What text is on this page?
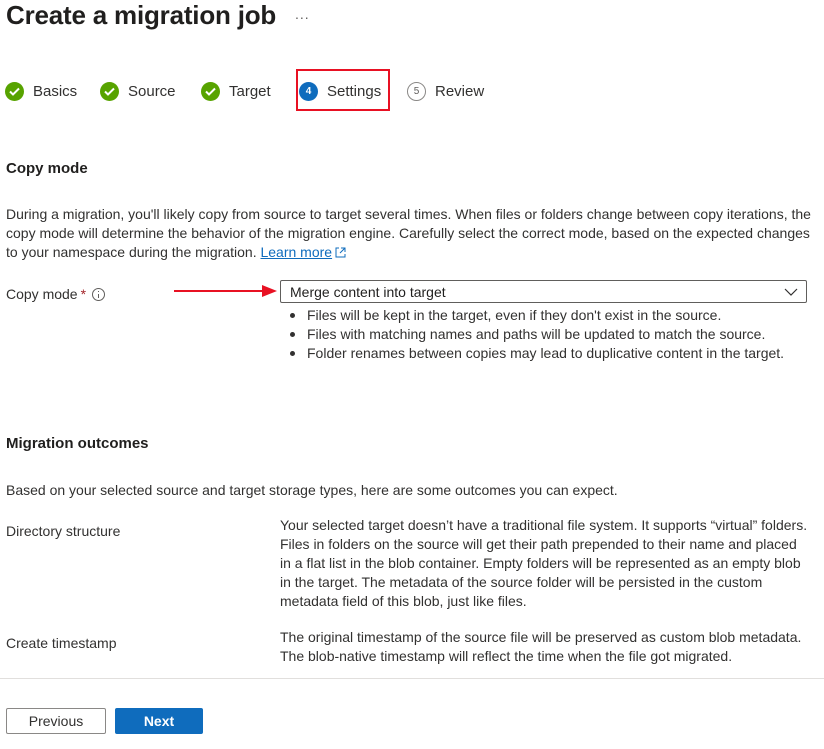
Create a migration job ...
Basics	Source	Target	4	Settings	5	Review
Copy mode
During a migration, you'll likely copy from source to target several times. When files or folders change between copy iterations, the copy mode will determine the behavior of the migration engine. Carefully select the correct mode, based on the expected changes to your namespace during the migration. Learn more
Copy mode *	Merge content into target
Files will be kept in the target, even if they don't exist in the source.
Files with matching names and paths will be updated to match the source.
Folder renames between copies may lead to duplicative content in the target.
Migration outcomes
Based on your selected source and target storage types, here are some outcomes you can expect.
Directory structure	Your selected target doesn’t have a traditional file system. It supports “virtual” folders. Files in folders on the source will get their path prepended to their name and placed in a flat list in the blob container. Empty folders will be represented as an empty blob in the target. The metadata of the source folder will be persisted in the custom metadata field of this blob, just like files.
Create timestamp	The original timestamp of the source file will be preserved as custom blob metadata. The blob-native timestamp will reflect the time when the file got migrated.
Previous	Next
